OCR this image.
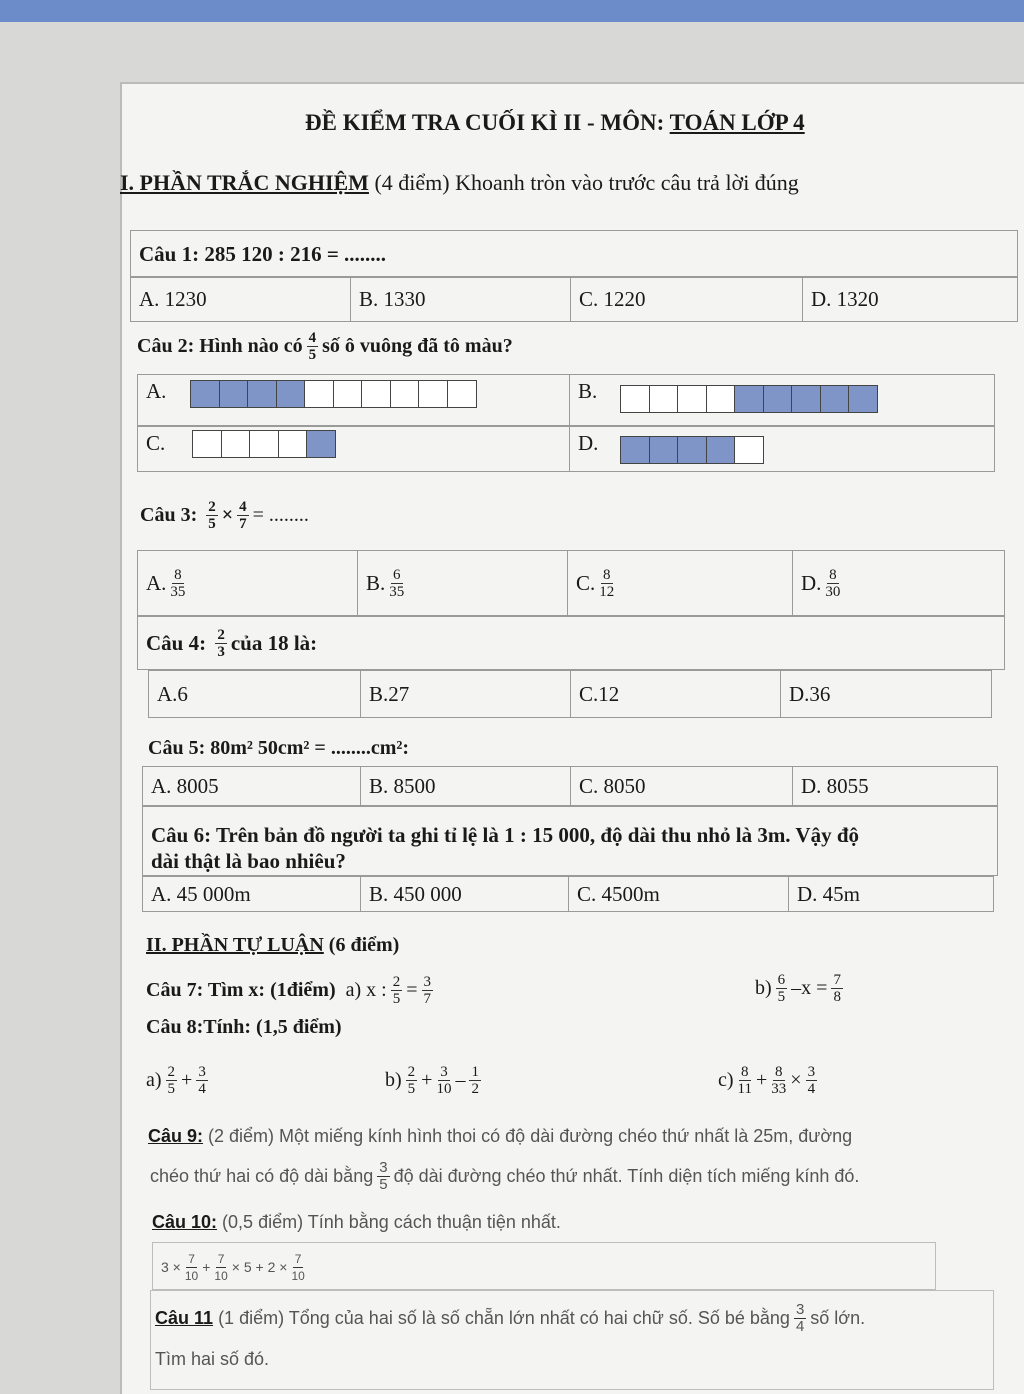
ĐỀ KIỂM TRA CUỐI KÌ II - MÔN: TOÁN LỚP 4
I. PHẦN TRẮC NGHIỆM (4 điểm) Khoanh tròn vào trước câu trả lời đúng
Câu 1: 285 120 : 216 = ........
A. 1230	B. 1330	C. 1220	D. 1320
Câu 2: Hình nào có $\frac{4}{5}$ số ô vuông đã tô màu?
A.	B.
C.	D.
Câu 3:
$\frac{2}{5} \times \frac{4}{7}$ = ........
A. $\frac{8}{35}$	B. $\frac{6}{35}$	C. $\frac{8}{12}$	D. $\frac{8}{30}$
Câu 4:
$\frac{2}{3}$ của 18 là:
A.6	B.27	C.12	D.36
Câu 5: 80m² 50cm² = ........cm²:
A. 8005	B. 8500	C. 8050	D. 8055
Câu 6: Trên bản đồ người ta ghi tỉ lệ là 1 : 15 000, độ dài thu nhỏ là 3m. Vậy độ
dài thật là bao nhiêu?
A. 45 000m	B. 450 000	C. 4500m	D. 45m
II. PHẦN TỰ LUẬN
(6 điểm)
Câu 7: Tìm x: (1điểm)
a) x : $\frac{2}{5} = \frac{3}{7}$	$b) \frac{6}{5} -x = \frac{7}{8}$
Câu 8:Tính: (1,5 điểm)
$a) \frac{2}{5} + \frac{3}{4}$	$b) \frac{2}{5} + \frac{3}{10} - \frac{1}{2}$	$c) \frac{8}{11} + \frac{8}{33} \times \frac{3}{4}$
Câu 9:
(2 điểm) Một miếng kính hình thoi có độ dài đường chéo thứ nhất là 25m, đường
chéo thứ hai có độ dài bằng $\frac{3}{5}$ độ dài đường chéo thứ nhất. Tính diện tích miếng kính đó.
Câu 10:
(0,5 điểm) Tính bằng cách thuận tiện nhất.
$3 \times \frac{7}{10} + \frac{7}{10} \times 5 + 2 \times \frac{7}{10}$
Câu 11
(1 điểm) Tổng của hai số là số chẵn lớn nhất có hai chữ số. Số bé bằng $\frac{3}{4}$ số lớn.
Tìm hai số đó.
